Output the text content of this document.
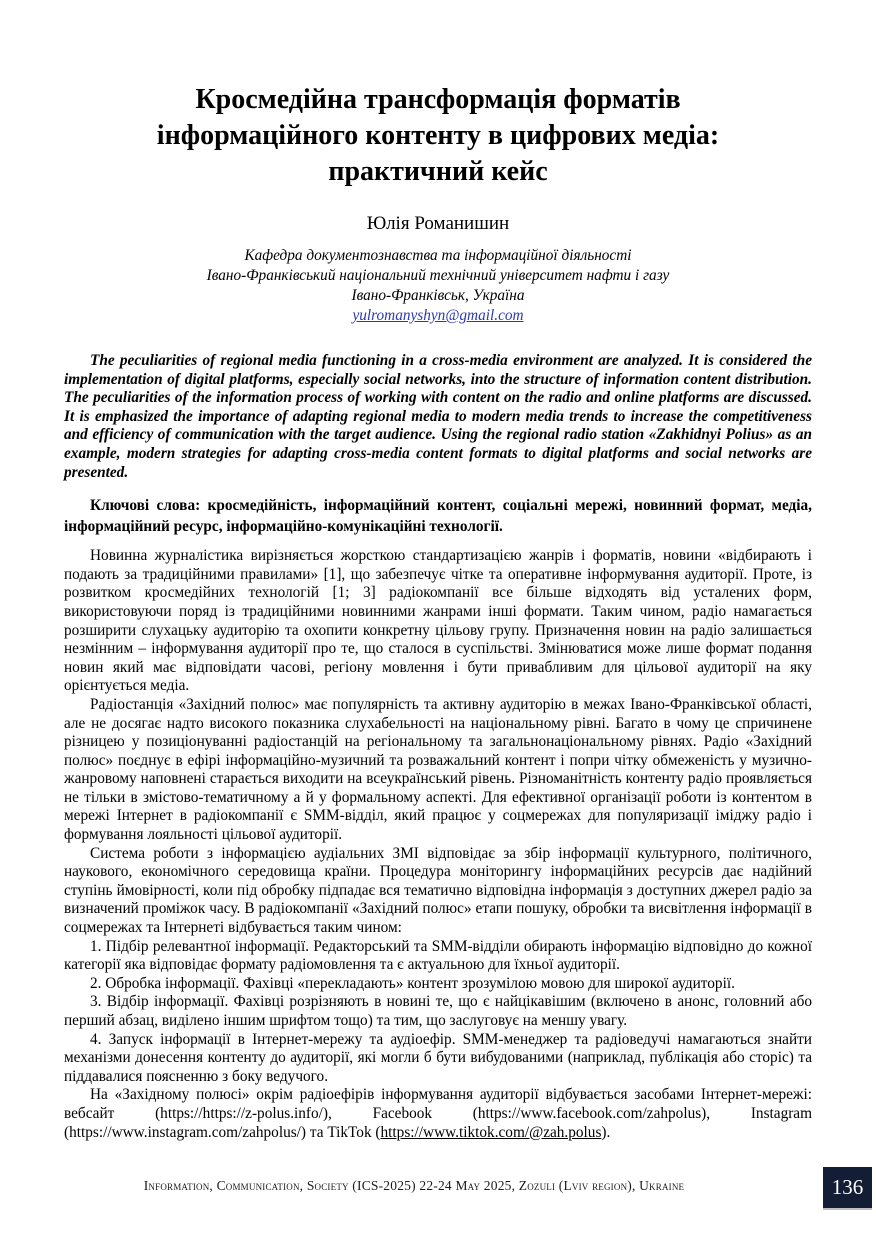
Кросмедійна трансформація форматів
інформаційного контенту в цифрових медіа:
практичний кейс
Юлія Романишин
Кафедра документознавства та інформаційної діяльності
Івано-Франківський національний технічний університет нафти і газу
Івано-Франківськ, Україна
yulromanyshyn@gmail.com
The peculiarities of regional media functioning in a cross-media environment are analyzed. It is considered the implementation of digital platforms, especially social networks, into the structure of information content distribution. The peculiarities of the information process of working with content on the radio and online platforms are discussed. It is emphasized the importance of adapting regional media to modern media trends to increase the competitiveness and efficiency of communication with the target audience. Using the regional radio station «Zakhidnyi Polius» as an example, modern strategies for adapting cross-media content formats to digital platforms and social networks are presented.
Ключові слова: кросмедійність, інформаційний контент, соціальні мережі, новинний формат, медіа, інформаційний ресурс, інформаційно-комунікаційні технології.

Новинна журналістика вирізняється жорсткою стандартизацією жанрів і форматів, новини «відбирають і подають за традиційними правилами» [1], що забезпечує чітке та оперативне інформування аудиторії. Проте, із розвитком кросмедійних технологій [1; 3] радіокомпанії все більше відходять від усталених форм, використовуючи поряд із традиційними новинними жанрами інші формати. Таким чином, радіо намагається розширити слухацьку аудиторію та охопити конкретну цільову групу. Призначення новин на радіо залишається незмінним – інформування аудиторії про те, що сталося в суспільстві. Змінюватися може лише формат подання новин який має відповідати часові, регіону мовлення і бути привабливим для цільової аудиторії на яку орієнтується медіа.

Радіостанція «Західний полюс» має популярність та активну аудиторію в межах Івано-Франківської області, але не досягає надто високого показника слухабельності на національному рівні. Багато в чому це спричинене різницею у позиціонуванні радіостанцій на регіональному та загальнонаціональному рівнях. Радіо «Західний полюс» поєднує в ефірі інформаційно-музичний та розважальний контент і попри чітку обмеженість у музично-жанровому наповнені старається виходити на всеукраїнський рівень. Різноманітність контенту радіо проявляється не тільки в змістово-тематичному а й у формальному аспекті. Для ефективної організації роботи із контентом в мережі Інтернет в радіокомпанії є SMM-відділ, який працює у соцмережах для популяризації іміджу радіо і формування лояльності цільової аудиторії.

Система роботи з інформацією аудіальних ЗМІ відповідає за збір інформації культурного, політичного, наукового, економічного середовища країни. Процедура моніторингу інформаційних ресурсів дає надійний ступінь ймовірності, коли під обробку підпадає вся тематично відповідна інформація з доступних джерел радіо за визначений проміжок часу. В радіокомпанії «Західний полюс» етапи пошуку, обробки та висвітлення інформації в соцмережах та Інтернеті відбувається таким чином:

1. Підбір релевантної інформації. Редакторський та SMM-відділи обирають інформацію відповідно до кожної категорії яка відповідає формату радіомовлення та є актуальною для їхньої аудиторії.

2. Обробка інформації. Фахівці «перекладають» контент зрозумілою мовою для широкої аудиторії.

3. Відбір інформації. Фахівці розрізняють в новині те, що є найцікавішим (включено в анонс, головний або перший абзац, виділено іншим шрифтом тощо) та тим, що заслуговує на меншу увагу.

4. Запуск інформації в Інтернет-мережу та аудіоефір. SMM-менеджер та радіоведучі намагаються знайти механізми донесення контенту до аудиторії, які могли б бути вибудованими (наприклад, публікація або сторіс) та піддавалися поясненню з боку ведучого.

На «Західному полюсі» окрім радіоефірів інформування аудиторії відбувається засобами Інтернет-мережі: вебсайт (https://https://z-polus.info/), Facebook (https://www.facebook.com/zahpolus), Instagram (https://www.instagram.com/zahpolus/) та TikTok (https://www.tiktok.com/@zah.polus).

Information, Communication, Society (ICS-2025) 22-24 May 2025, Zozuli (Lviv region), Ukraine	136
